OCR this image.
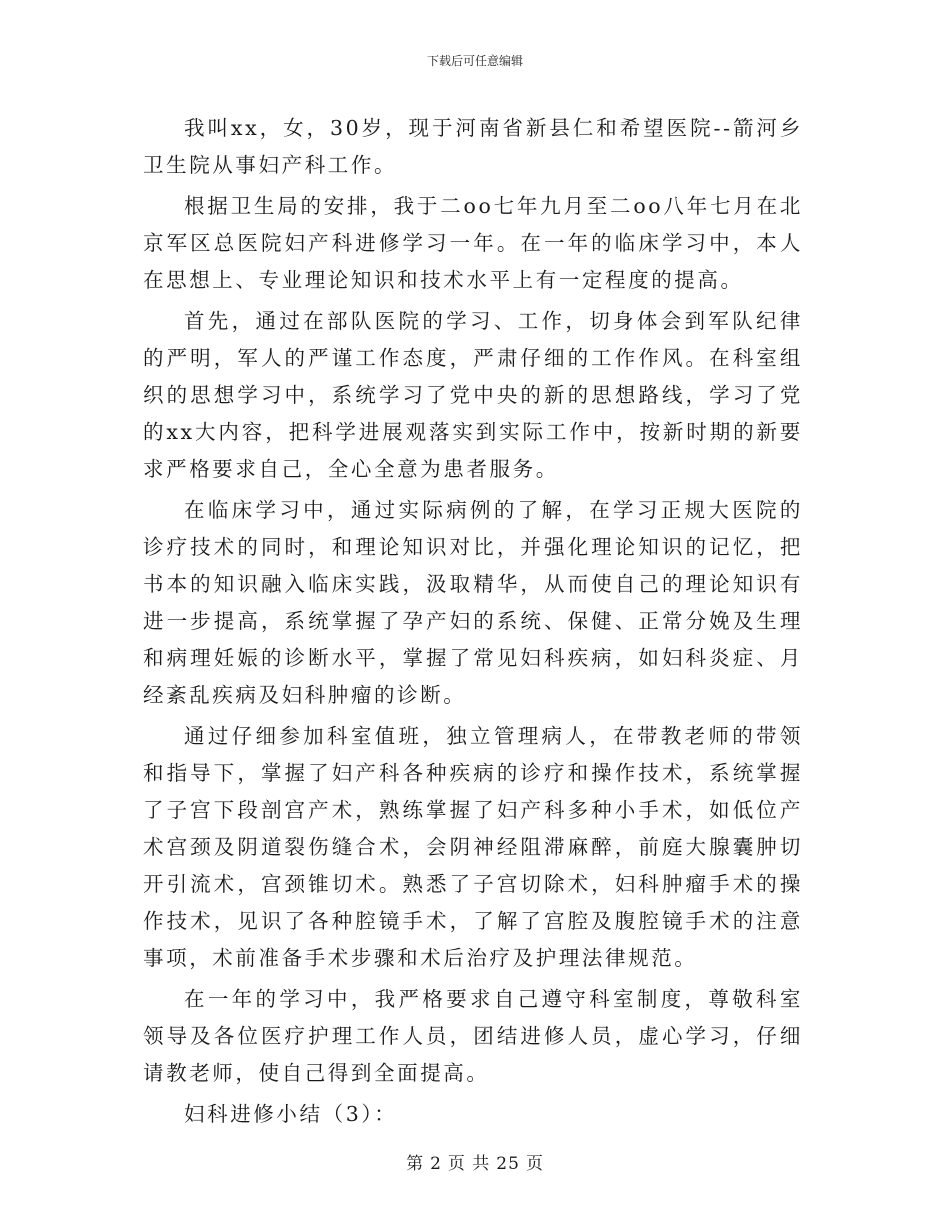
下载后可任意编辑

我叫xx，女，30岁，现于河南省新县仁和希望医院--箭河乡卫生院从事妇产科工作。

根据卫生局的安排，我于二oo七年九月至二oo八年七月在北京军区总医院妇产科进修学习一年。在一年的临床学习中，本人在思想上、专业理论知识和技术水平上有一定程度的提高。

首先，通过在部队医院的学习、工作，切身体会到军队纪律的严明，军人的严谨工作态度，严肃仔细的工作作风。在科室组织的思想学习中，系统学习了党中央的新的思想路线，学习了党的xx大内容，把科学进展观落实到实际工作中，按新时期的新要求严格要求自己，全心全意为患者服务。

在临床学习中，通过实际病例的了解，在学习正规大医院的诊疗技术的同时，和理论知识对比，并强化理论知识的记忆，把书本的知识融入临床实践，汲取精华，从而使自己的理论知识有进一步提高，系统掌握了孕产妇的系统、保健、正常分娩及生理和病理妊娠的诊断水平，掌握了常见妇科疾病，如妇科炎症、月经紊乱疾病及妇科肿瘤的诊断。

通过仔细参加科室值班，独立管理病人，在带教老师的带领和指导下，掌握了妇产科各种疾病的诊疗和操作技术，系统掌握了子宫下段剖宫产术，熟练掌握了妇产科多种小手术，如低位产术宫颈及阴道裂伤缝合术，会阴神经阻滞麻醉，前庭大腺囊肿切开引流术，宫颈锥切术。熟悉了子宫切除术，妇科肿瘤手术的操作技术，见识了各种腔镜手术，了解了宫腔及腹腔镜手术的注意事项，术前准备手术步骤和术后治疗及护理法律规范。

在一年的学习中，我严格要求自己遵守科室制度，尊敬科室领导及各位医疗护理工作人员，团结进修人员，虚心学习，仔细请教老师，使自己得到全面提高。

妇科进修小结（3）：

第 2 页 共 25 页
